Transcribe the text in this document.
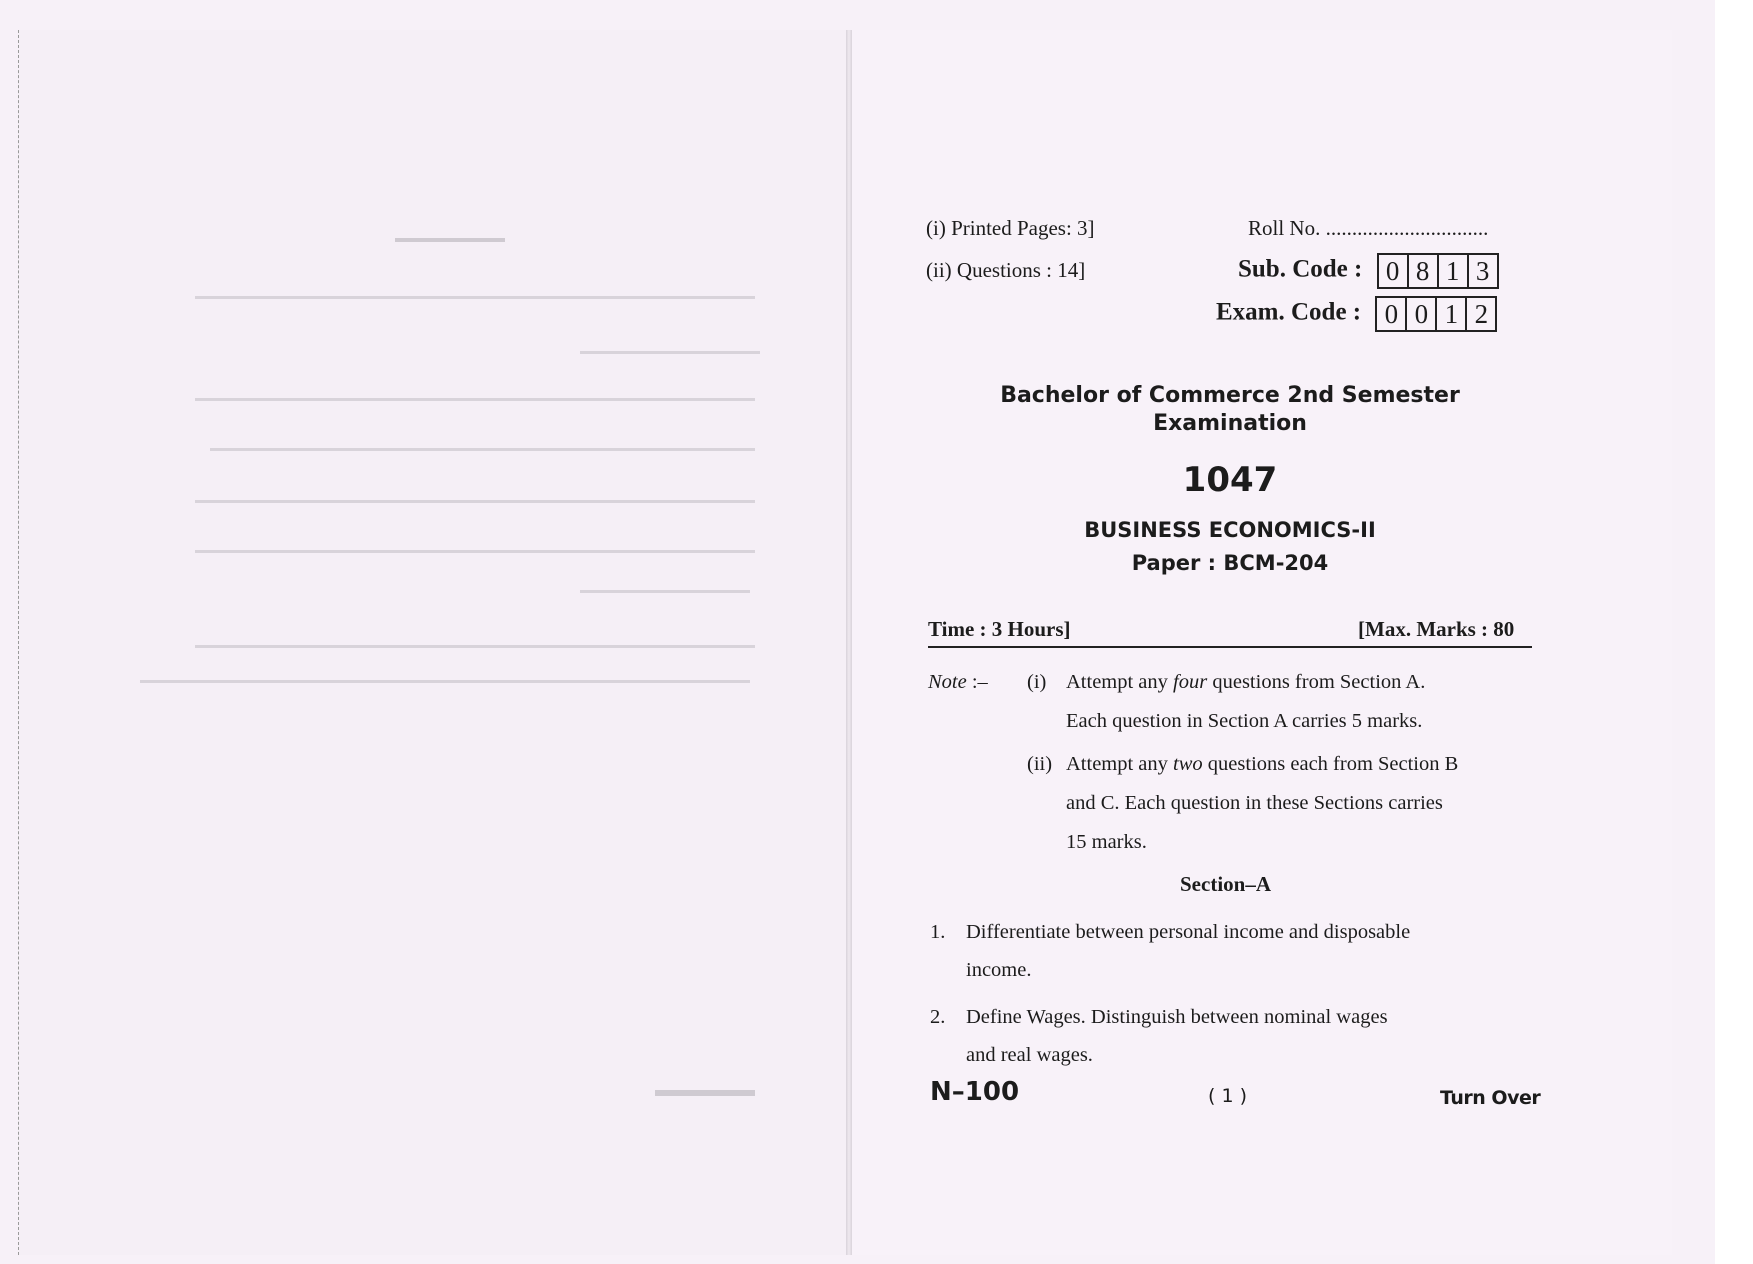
(i) Printed Pages: 3]
(ii) Questions : 14]
Roll No. ...............................
Sub. Code : 0 8 1 3
Exam. Code : 0 0 1 2
Bachelor of Commerce 2nd Semester
Examination
1047
BUSINESS ECONOMICS-II
Paper : BCM-204
Time : 3 Hours]	[Max. Marks : 80
Note :– (i) Attempt any four questions from Section A.
Each question in Section A carries 5 marks.
(ii) Attempt any two questions each from Section B
and C. Each question in these Sections carries
15 marks.
Section–A
1. Differentiate between personal income and disposable
income.
2. Define Wages. Distinguish between nominal wages
and real wages.
N–100	( 1 )	Turn Over
